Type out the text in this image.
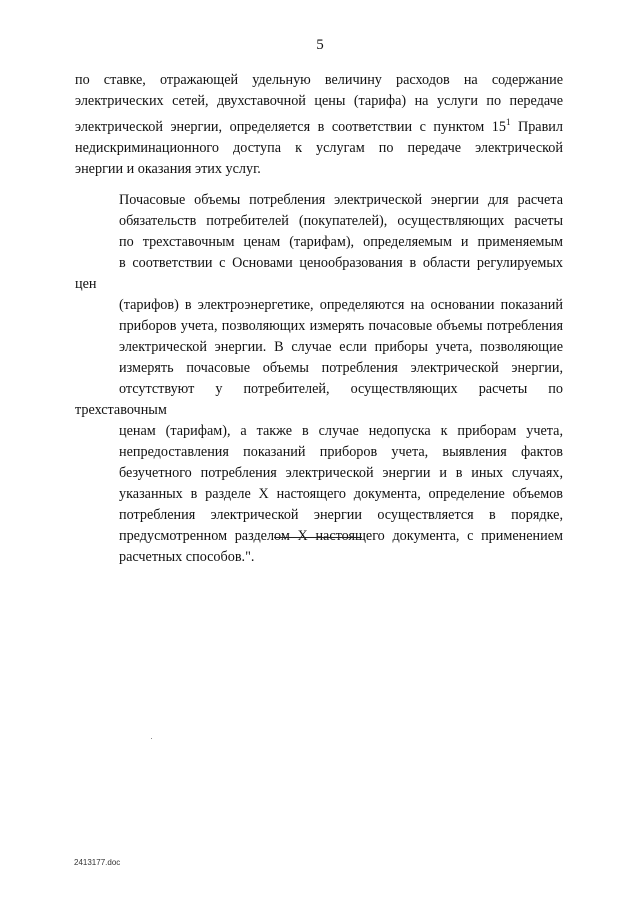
5

по ставке, отражающей удельную величину расходов на содержание
электрических сетей, двухставочной цены (тарифа) на услуги по передаче
электрической энергии, определяется в соответствии с пунктом $15^1$ Правил
недискриминационного доступа к услугам по передаче электрической
энергии и оказания этих услуг.

Почасовые объемы потребления электрической энергии для расчета
обязательств потребителей (покупателей), осуществляющих расчеты
по трехставочным ценам (тарифам), определяемым и применяемым
в соответствии с Основами ценообразования в области регулируемых цен
(тарифов) в электроэнергетике, определяются на основании показаний
приборов учета, позволяющих измерять почасовые объемы потребления
электрической энергии. В случае если приборы учета, позволяющие
измерять почасовые объемы потребления электрической энергии,
отсутствуют у потребителей, осуществляющих расчеты по трехставочным
ценам (тарифам), а также в случае недопуска к приборам учета,
непредоставления показаний приборов учета, выявления фактов
безучетного потребления электрической энергии и в иных случаях,
указанных в разделе X настоящего документа, определение объемов
потребления электрической энергии осуществляется в порядке,
предусмотренном разделом X настоящего документа, с применением
расчетных способов.".

2413177.doc
